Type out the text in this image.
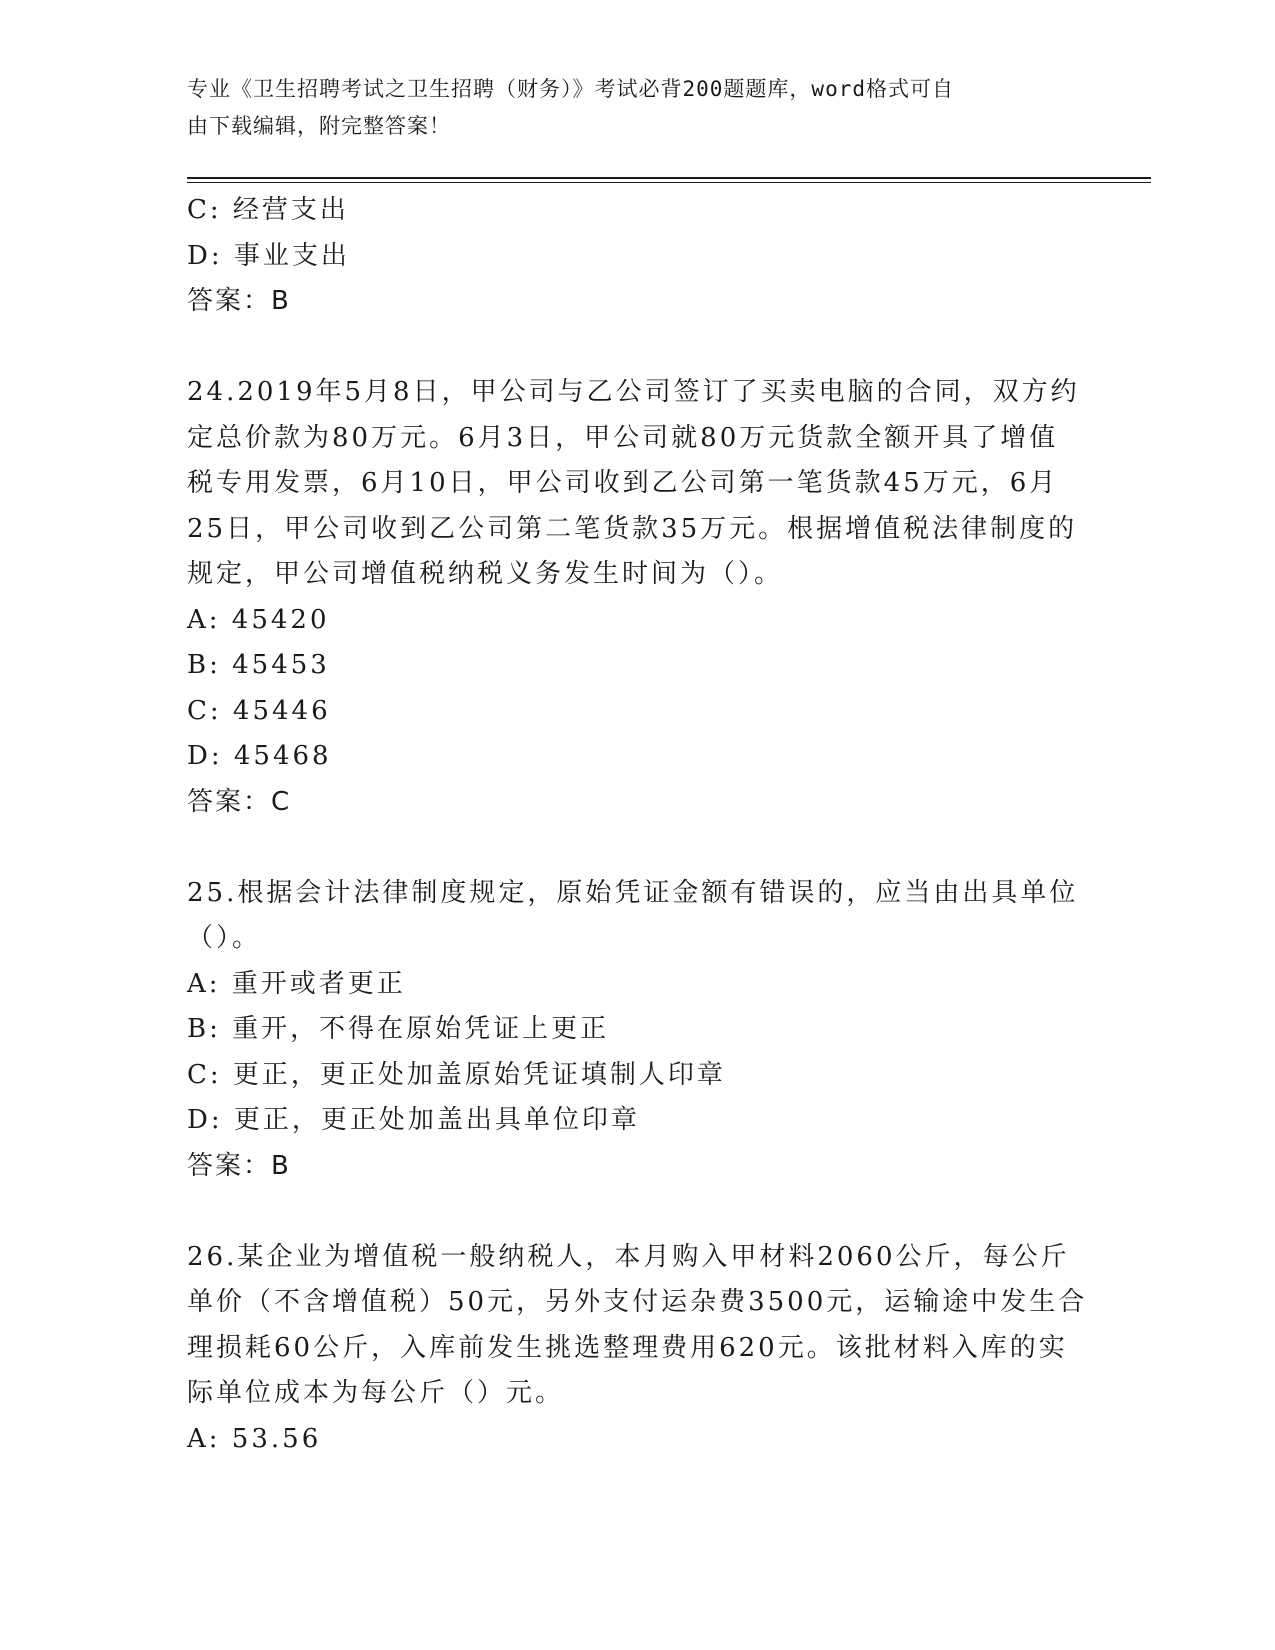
专业《卫生招聘考试之卫生招聘（财务）》考试必背200题题库，word格式可自
由下载编辑，附完整答案！
C: 经营支出
D: 事业支出
答案：B
24.2019年5月8日，甲公司与乙公司签订了买卖电脑的合同，双方约
定总价款为80万元。6月3日，甲公司就80万元货款全额开具了增值
税专用发票，6月10日，甲公司收到乙公司第一笔货款45万元，6月
25日，甲公司收到乙公司第二笔货款35万元。根据增值税法律制度的
规定，甲公司增值税纳税义务发生时间为（）。
A: 45420
B: 45453
C: 45446
D: 45468
答案：C
25.根据会计法律制度规定，原始凭证金额有错误的，应当由出具单位
（）。
A: 重开或者更正
B: 重开，不得在原始凭证上更正
C: 更正，更正处加盖原始凭证填制人印章
D: 更正，更正处加盖出具单位印章
答案：B
26.某企业为增值税一般纳税人，本月购入甲材料2060公斤，每公斤
单价（不含增值税）50元，另外支付运杂费3500元，运输途中发生合
理损耗60公斤，入库前发生挑选整理费用620元。该批材料入库的实
际单位成本为每公斤（）元。
A: 53.56
